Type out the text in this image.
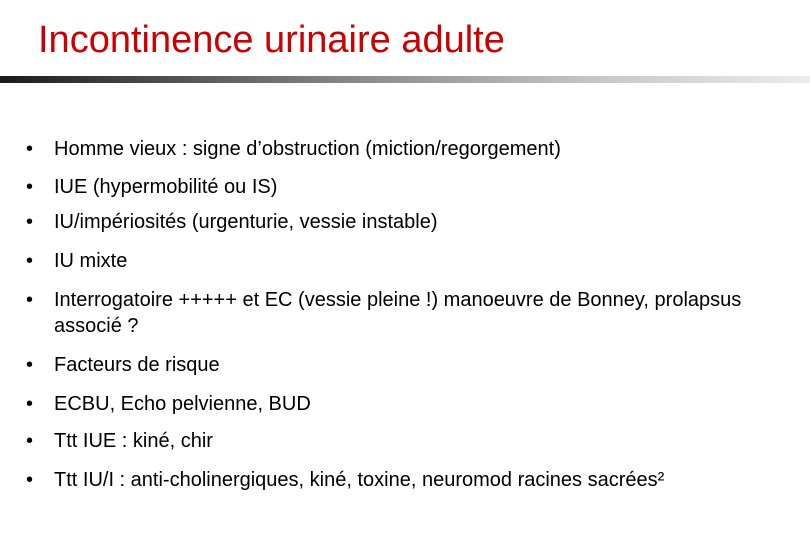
Incontinence urinaire adulte
• Homme vieux : signe d’obstruction (miction/regorgement)
• IUE (hypermobilité ou IS)
• IU/impériosités (urgenturie, vessie instable)
• IU mixte
• Interrogatoire +++++ et EC (vessie pleine !) manoeuvre de Bonney, prolapsus associé ?
• Facteurs de risque
• ECBU, Echo pelvienne, BUD
• Ttt IUE : kiné, chir
• Ttt IU/I : anti-cholinergiques, kiné, toxine, neuromod racines sacrées²
